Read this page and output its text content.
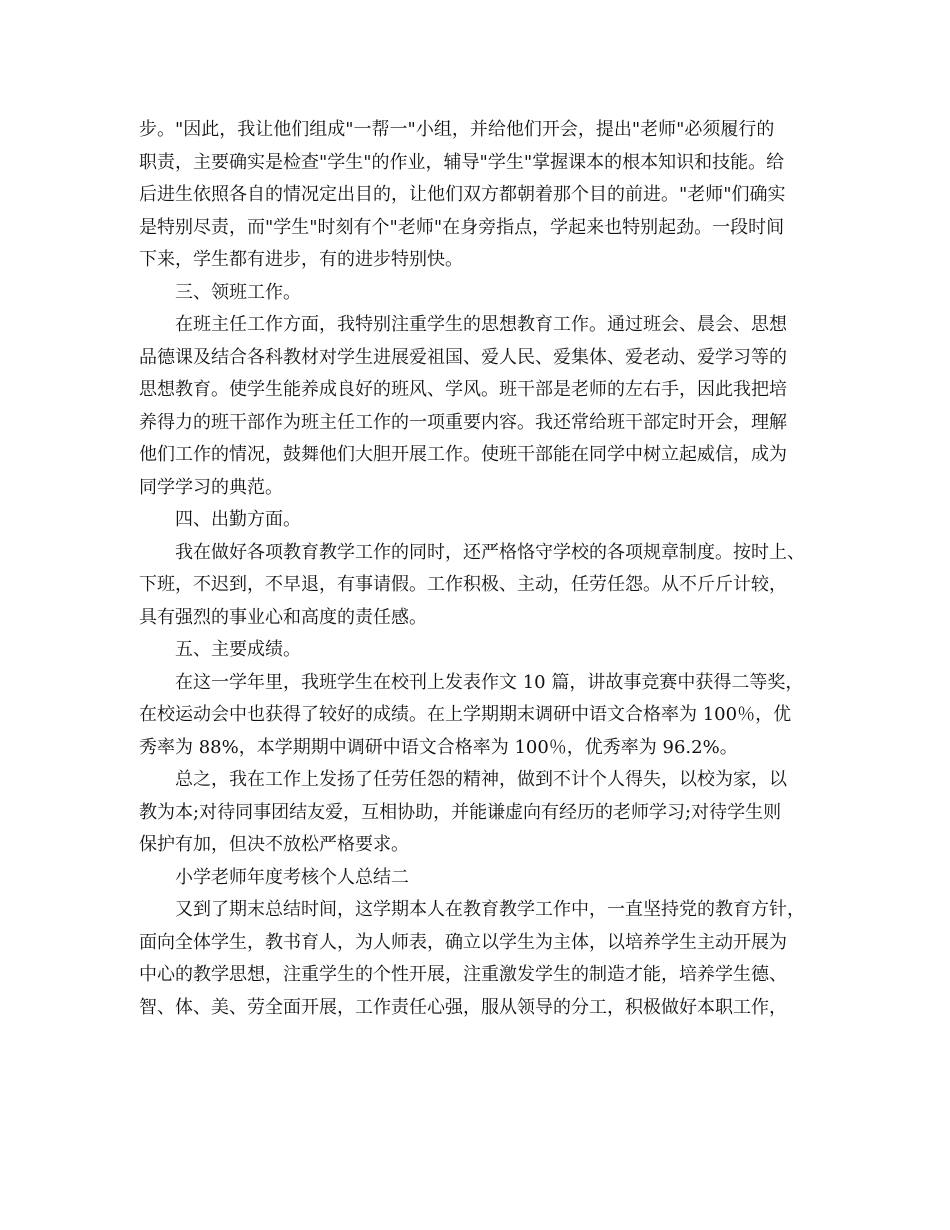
步。"因此，我让他们组成"一帮一"小组，并给他们开会，提出"老师"必须履行的
职责，主要确实是检查"学生"的作业，辅导"学生"掌握课本的根本知识和技能。给
后进生依照各自的情况定出目的，让他们双方都朝着那个目的前进。"老师"们确实
是特别尽责，而"学生"时刻有个"老师"在身旁指点，学起来也特别起劲。一段时间
下来，学生都有进步，有的进步特别快。
三、领班工作。
在班主任工作方面，我特别注重学生的思想教育工作。通过班会、晨会、思想
品德课及结合各科教材对学生进展爱祖国、爱人民、爱集体、爱老动、爱学习等的
思想教育。使学生能养成良好的班风、学风。班干部是老师的左右手，因此我把培
养得力的班干部作为班主任工作的一项重要内容。我还常给班干部定时开会，理解
他们工作的情况，鼓舞他们大胆开展工作。使班干部能在同学中树立起威信，成为
同学学习的典范。
四、出勤方面。
我在做好各项教育教学工作的同时，还严格恪守学校的各项规章制度。按时上、
下班，不迟到，不早退，有事请假。工作积极、主动，任劳任怨。从不斤斤计较，
具有强烈的事业心和高度的责任感。
五、主要成绩。
在这一学年里，我班学生在校刊上发表作文 10 篇，讲故事竞赛中获得二等奖，
在校运动会中也获得了较好的成绩。在上学期期末调研中语文合格率为 100％，优
秀率为 88%，本学期期中调研中语文合格率为 100％，优秀率为 96.2%。
总之，我在工作上发扬了任劳任怨的精神，做到不计个人得失，以校为家，以
教为本;对待同事团结友爱，互相协助，并能谦虚向有经历的老师学习;对待学生则
保护有加，但决不放松严格要求。
小学老师年度考核个人总结二
又到了期末总结时间，这学期本人在教育教学工作中，一直坚持党的教育方针，
面向全体学生，教书育人，为人师表，确立以学生为主体，以培养学生主动开展为
中心的教学思想，注重学生的个性开展，注重激发学生的制造才能，培养学生德、
智、体、美、劳全面开展，工作责任心强，服从领导的分工，积极做好本职工作，
